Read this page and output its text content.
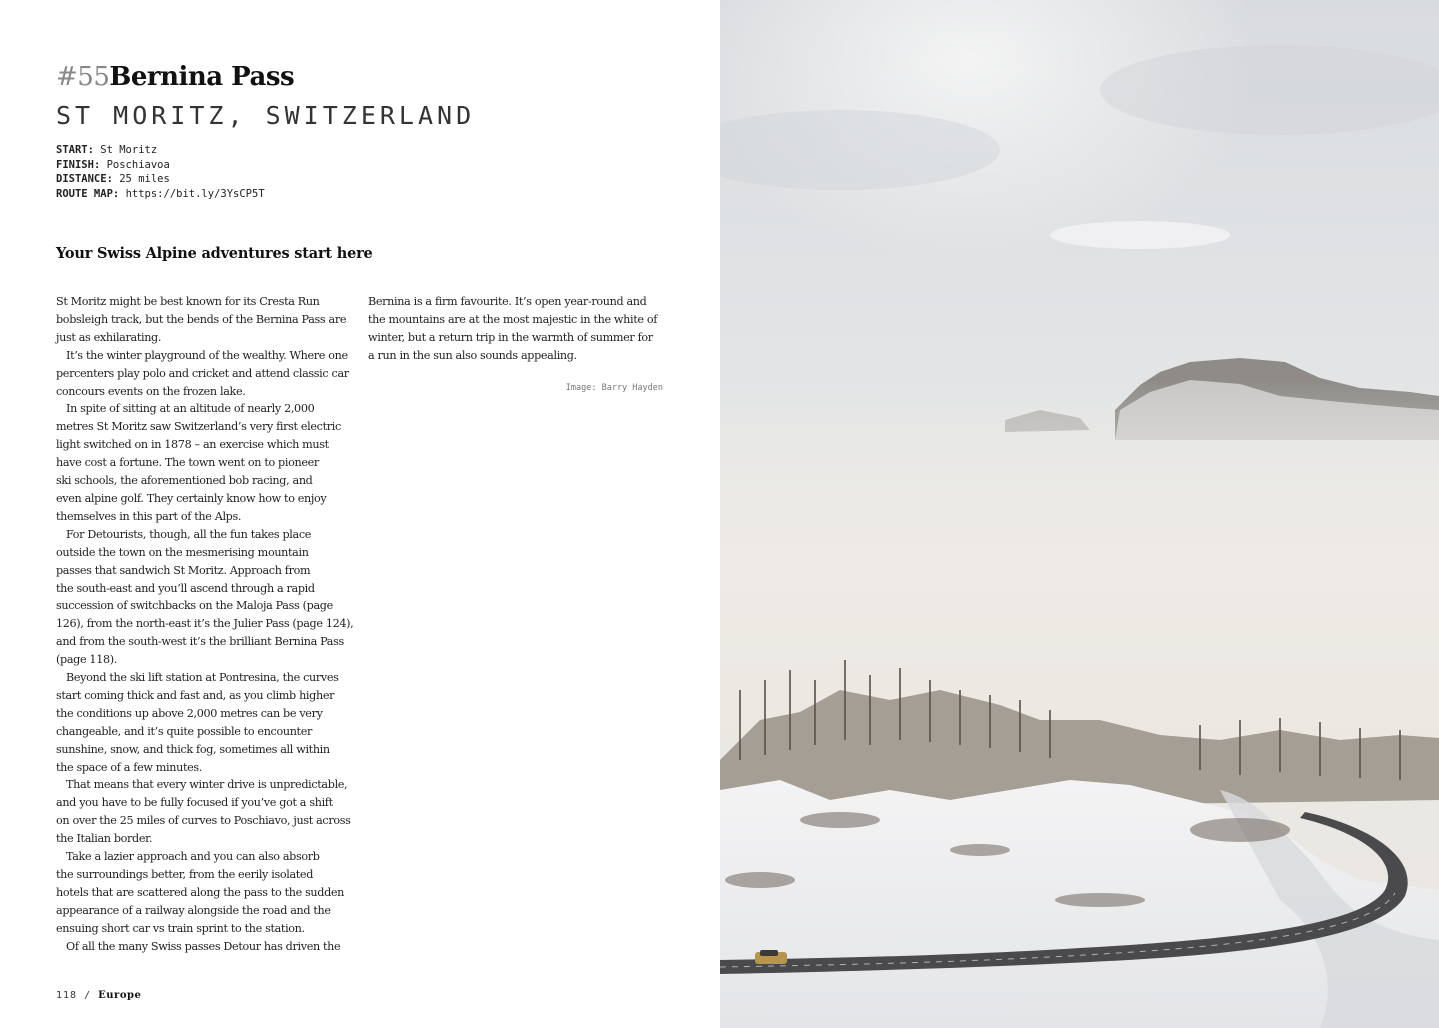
#55Bernina Pass
ST MORITZ, SWITZERLAND
START: St Moritz
FINISH: Poschiavoa
DISTANCE: 25 miles
ROUTE MAP: https://bit.ly/3YsCP5T
Your Swiss Alpine adventures start here
St Moritz might be best known for its Cresta Run
bobsleigh track, but the bends of the Bernina Pass are
just as exhilarating.
It’s the winter playground of the wealthy. Where one
percenters play polo and cricket and attend classic car
concours events on the frozen lake.
In spite of sitting at an altitude of nearly 2,000
metres St Moritz saw Switzerland’s very first electric
light switched on in 1878 – an exercise which must
have cost a fortune. The town went on to pioneer
ski schools, the aforementioned bob racing, and
even alpine golf. They certainly know how to enjoy
themselves in this part of the Alps.
For Detourists, though, all the fun takes place
outside the town on the mesmerising mountain
passes that sandwich St Moritz. Approach from
the south-east and you’ll ascend through a rapid
succession of switchbacks on the Maloja Pass (page
126), from the north-east it’s the Julier Pass (page 124),
and from the south-west it’s the brilliant Bernina Pass
(page 118).
Beyond the ski lift station at Pontresina, the curves
start coming thick and fast and, as you climb higher
the conditions up above 2,000 metres can be very
changeable, and it’s quite possible to encounter
sunshine, snow, and thick fog, sometimes all within
the space of a few minutes.
That means that every winter drive is unpredictable,
and you have to be fully focused if you’ve got a shift
on over the 25 miles of curves to Poschiavo, just across
the Italian border.
Take a lazier approach and you can also absorb
the surroundings better, from the eerily isolated
hotels that are scattered along the pass to the sudden
appearance of a railway alongside the road and the
ensuing short car vs train sprint to the station.
Of all the many Swiss passes Detour has driven the
Bernina is a firm favourite. It’s open year-round and
the mountains are at the most majestic in the white of
winter, but a return trip in the warmth of summer for
a run in the sun also sounds appealing.
Image: Barry Hayden
118 / Europe
